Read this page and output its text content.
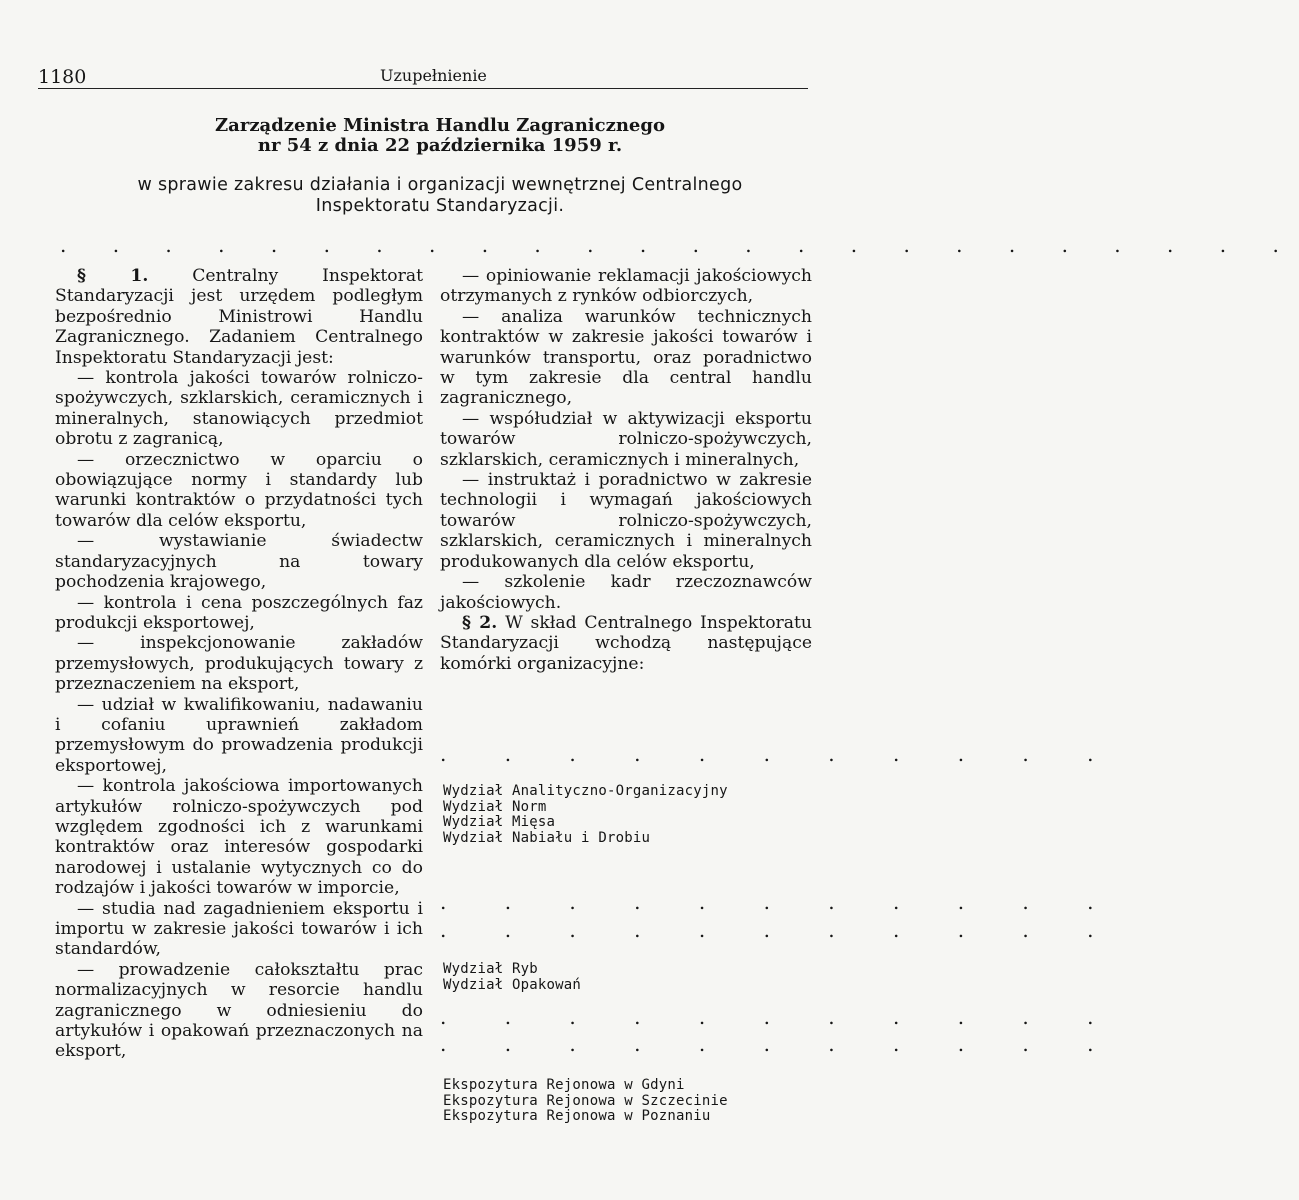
1180	Uzupełnienie
Zarządzenie Ministra Handlu Zagranicznego
nr 54 z dnia 22 października 1959 r.
w sprawie zakresu działania i organizacji wewnętrznej Centralnego
Inspektoratu Standaryzacji.
. . . . . . . . . . . . . . . . . . . . . . . .

§ 1.	Centralny Inspektorat Standaryzacji jest urzędem podległym bezpośrednio Ministrowi Handlu Zagranicznego. Zadaniem Centralnego Inspektoratu Standaryzacji jest:

— kontrola jakości towarów rolniczo-spożywczych, szklarskich, ceramicznych i mineralnych, stanowiących przedmiot obrotu z zagranicą,

— orzecznictwo w oparciu o obowiązujące normy i standardy lub warunki kontraktów o przydatności tych towarów dla celów eksportu,

— wystawianie świadectw standaryzacyjnych na towary pochodzenia krajowego,

— kontrola i cena poszczególnych faz produkcji eksportowej,

— inspekcjonowanie zakładów przemysłowych, produkujących towary z przeznaczeniem na eksport,

— udział w kwalifikowaniu, nadawaniu i cofaniu uprawnień zakładom przemysłowym do prowadzenia produkcji eksportowej,

— kontrola jakościowa importowanych artykułów rolniczo-spożywczych pod względem zgodności ich z warunkami kontraktów oraz interesów gospodarki narodowej i ustalanie wytycznych co do rodzajów i jakości towarów w imporcie,

— studia nad zagadnieniem eksportu i importu w zakresie jakości towarów i ich standardów,

— prowadzenie całokształtu prac normalizacyjnych w resorcie handlu zagranicznego w odniesieniu do artykułów i opakowań przeznaczonych na eksport,

— opiniowanie reklamacji jakościowych otrzymanych z rynków odbiorczych,

— analiza warunków technicznych kontraktów w zakresie jakości towarów i warunków transportu, oraz poradnictwo w tym zakresie dla central handlu zagranicznego,

— współudział w aktywizacji eksportu towarów rolniczo-spożywczych, szklarskich, ceramicznych i mineralnych,

— instruktaż i poradnictwo w zakresie technologii i wymagań jakościowych towarów rolniczo-spożywczych, szklarskich, ceramicznych i mineralnych produkowanych dla celów eksportu,

— szkolenie kadr rzeczoznawców jakościowych.

§ 2. W skład Centralnego Inspektoratu Standaryzacji wchodzą następujące komórki organizacyjne:

. . . . . . . . . . .

Wydział Analityczno-Organizacyjny

Wydział Norm

Wydział Mięsa

Wydział Nabiału i Drobiu

. . . . . . . . . . .
. . . . . . . . . . .

Wydział Ryb

Wydział Opakowań

. . . . . . . . . . .
. . . . . . . . . . .

Ekspozytura Rejonowa w Gdyni

Ekspozytura Rejonowa w Szczecinie

Ekspozytura Rejonowa w Poznaniu
